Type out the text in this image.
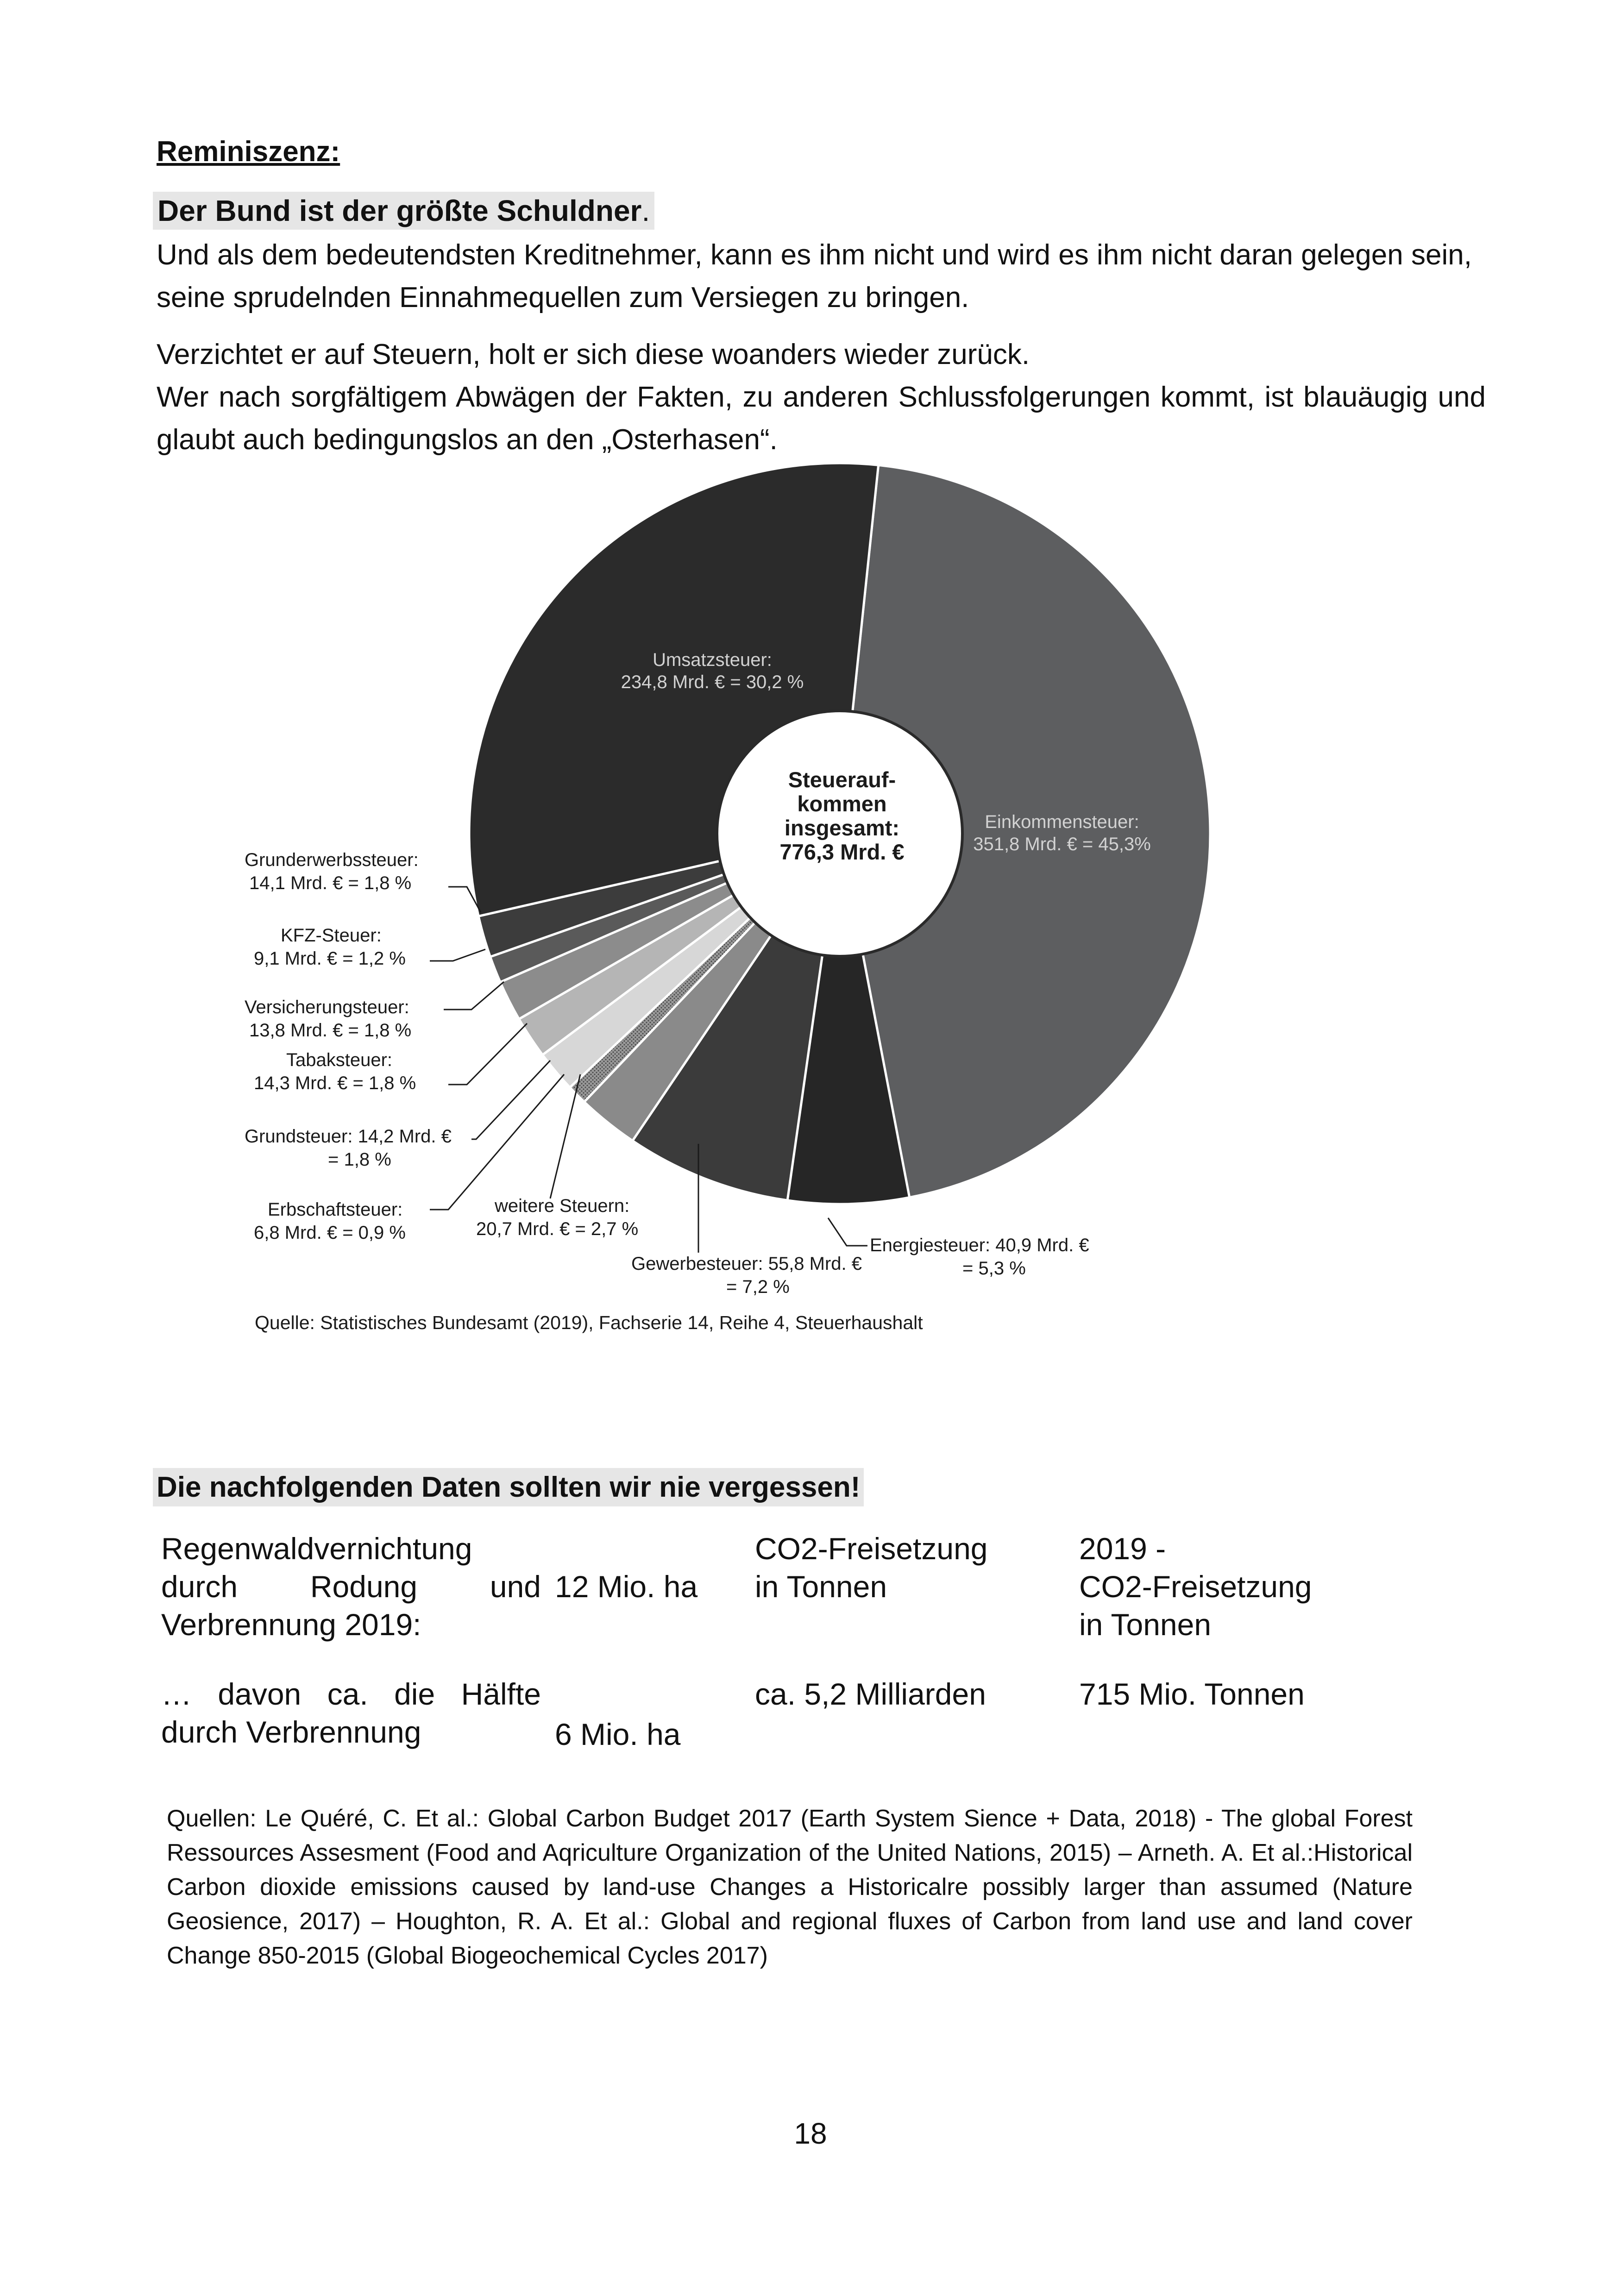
Reminiszenz:
Der Bund ist der größte Schuldner.
Und als dem bedeutendsten Kreditnehmer, kann es ihm nicht und wird es ihm nicht daran gelegen sein, seine sprudelnden Einnahmequellen zum Versiegen zu bringen.
Verzichtet er auf Steuern, holt er sich diese woanders wieder zurück.
Wer nach sorgfältigem Abwägen der Fakten, zu anderen Schlussfolgerungen kommt, ist blauäugig und glaubt auch bedingungslos an den „Osterhasen“.
Steuerauf-
kommen
insgesamt:
776,3 Mrd. €
Umsatzsteuer:
234,8 Mrd. € = 30,2 %
Einkommensteuer:
351,8 Mrd. € = 45,3%
Grunderwerbssteuer:
14,1 Mrd. € = 1,8 %
KFZ-Steuer:
9,1 Mrd. € = 1,2 %
Versicherungsteuer:
13,8 Mrd. € = 1,8 %
Tabaksteuer:
14,3 Mrd. € = 1,8 %
Grundsteuer: 14,2 Mrd. €
= 1,8 %
Erbschaftsteuer:
6,8 Mrd. € = 0,9 %
weitere Steuern:
20,7 Mrd. € = 2,7 %
Gewerbesteuer: 55,8 Mrd. €
= 7,2 %
Energiesteuer: 40,9 Mrd. €
= 5,3 %
Quelle: Statistisches Bundesamt (2019), Fachserie 14, Reihe 4, Steuerhaushalt
Die nachfolgenden Daten sollten wir nie vergessen!
Regenwaldvernichtung
durch Rodung und
Verbrennung 2019:
12 Mio. ha
CO2-Freisetzung
in Tonnen
2019 -
CO2-Freisetzung
in Tonnen
… davon ca. die Hälfte
durch Verbrennung	6 Mio. ha
ca. 5,2 Milliarden	715 Mio. Tonnen
Quellen: Le Quéré, C. Et al.: Global Carbon Budget 2017 (Earth System Sience + Data, 2018) - The global Forest Ressources Assesment (Food and Aqriculture Organization of the United Nations, 2015) – Arneth. A. Et al.:Historical Carbon dioxide emissions caused by land-use Changes a Historicalre possibly larger than assumed (Nature Geosience, 2017) – Houghton, R. A. Et al.: Global and regional fluxes of Carbon from land use and land cover Change 850-2015 (Global Biogeochemical Cycles 2017)
18
